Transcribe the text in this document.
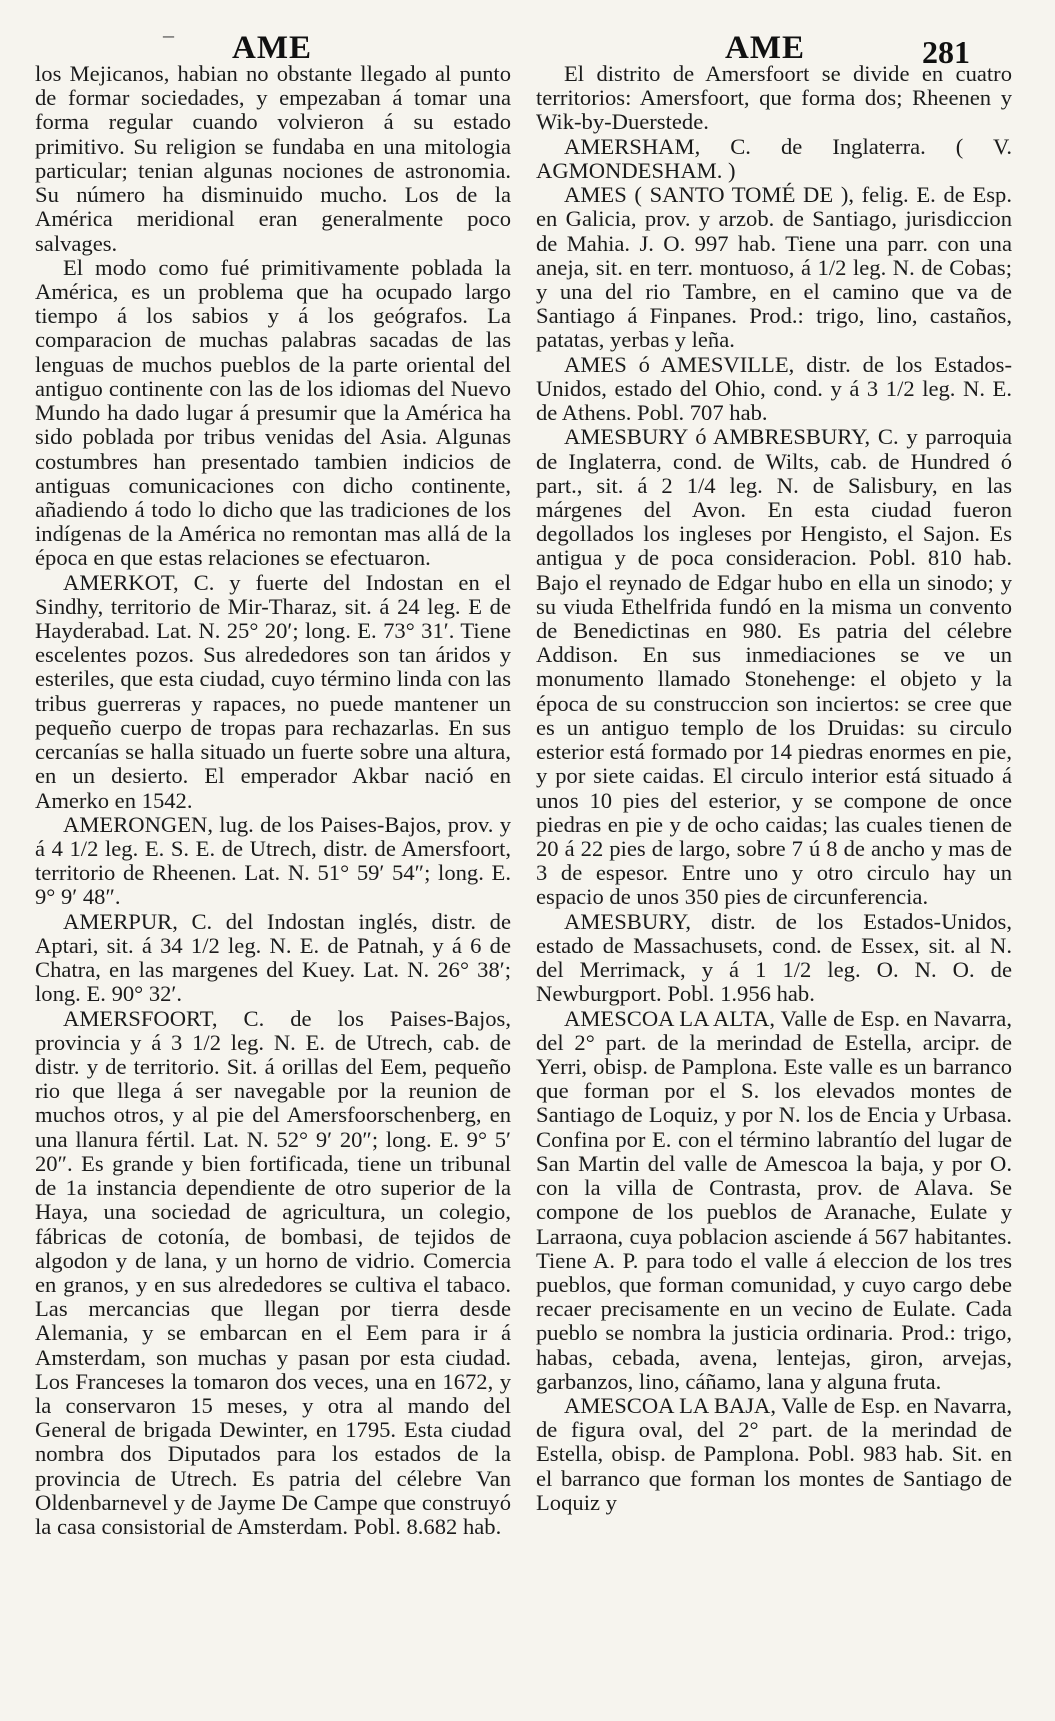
– AME	AME	281

los Mejicanos, habian no obstante llegado al punto de formar sociedades, y empezaban á tomar una forma regular cuando volvieron á su estado primitivo. Su religion se fundaba en una mitologia particular; tenian algunas nociones de astronomia. Su número ha disminuido mucho. Los de la América meridional eran generalmente poco salvages.

El modo como fué primitivamente poblada la América, es un problema que ha ocupado largo tiempo á los sabios y á los geógrafos. La comparacion de muchas palabras sacadas de las lenguas de muchos pueblos de la parte oriental del antiguo continente con las de los idiomas del Nuevo Mundo ha dado lugar á presumir que la América ha sido poblada por tribus venidas del Asia. Algunas costumbres han presentado tambien indicios de antiguas comunicaciones con dicho continente, añadiendo á todo lo dicho que las tradiciones de los indígenas de la América no remontan mas allá de la época en que estas relaciones se efectuaron.

AMERKOT, C. y fuerte del Indostan en el Sindhy, territorio de Mir-Tharaz, sit. á 24 leg. E de Hayderabad. Lat. N. 25° 20′; long. E. 73° 31′. Tiene escelentes pozos. Sus alrededores son tan áridos y esteriles, que esta ciudad, cuyo término linda con las tribus guerreras y rapaces, no puede mantener un pequeño cuerpo de tropas para rechazarlas. En sus cercanías se halla situado un fuerte sobre una altura, en un desierto. El emperador Akbar nació en Amerko en 1542.

AMERONGEN, lug. de los Paises-Bajos, prov. y á 4 1/2 leg. E. S. E. de Utrech, distr. de Amersfoort, territorio de Rheenen. Lat. N. 51° 59′ 54″; long. E. 9° 9′ 48″.

AMERPUR, C. del Indostan inglés, distr. de Aptari, sit. á 34 1/2 leg. N. E. de Patnah, y á 6 de Chatra, en las margenes del Kuey. Lat. N. 26° 38′; long. E. 90° 32′.

AMERSFOORT, C. de los Paises-Bajos, provincia y á 3 1/2 leg. N. E. de Utrech, cab. de distr. y de territorio. Sit. á orillas del Eem, pequeño rio que llega á ser navegable por la reunion de muchos otros, y al pie del Amersfoorschenberg, en una llanura fértil. Lat. N. 52° 9′ 20″; long. E. 9° 5′ 20″. Es grande y bien fortificada, tiene un tribunal de 1a instancia dependiente de otro superior de la Haya, una sociedad de agricultura, un colegio, fábricas de cotonía, de bombasi, de tejidos de algodon y de lana, y un horno de vidrio. Comercia en granos, y en sus alrededores se cultiva el tabaco. Las mercancias que llegan por tierra desde Alemania, y se embarcan en el Eem para ir á Amsterdam, son muchas y pasan por esta ciudad. Los Franceses la tomaron dos veces, una en 1672, y la conservaron 15 meses, y otra al mando del General de brigada Dewinter, en 1795. Esta ciudad nombra dos Diputados para los estados de la provincia de Utrech. Es patria del célebre Van Oldenbarnevel y de Jayme De Campe que construyó la casa consistorial de Amsterdam. Pobl. 8.682 hab.

El distrito de Amersfoort se divide en cuatro territorios: Amersfoort, que forma dos; Rheenen y Wik-by-Duerstede.

AMERSHAM, C. de Inglaterra. ( V. AGMONDESHAM. )

AMES ( SANTO TOMÉ DE ), felig. E. de Esp. en Galicia, prov. y arzob. de Santiago, jurisdiccion de Mahia. J. O. 997 hab. Tiene una parr. con una aneja, sit. en terr. montuoso, á 1/2 leg. N. de Cobas; y una del rio Tambre, en el camino que va de Santiago á Finpanes. Prod.: trigo, lino, castaños, patatas, yerbas y leña.

AMES ó AMESVILLE, distr. de los Estados-Unidos, estado del Ohio, cond. y á 3 1/2 leg. N. E. de Athens. Pobl. 707 hab.

AMESBURY ó AMBRESBURY, C. y parroquia de Inglaterra, cond. de Wilts, cab. de Hundred ó part., sit. á 2 1/4 leg. N. de Salisbury, en las márgenes del Avon. En esta ciudad fueron degollados los ingleses por Hengisto, el Sajon. Es antigua y de poca consideracion. Pobl. 810 hab. Bajo el reynado de Edgar hubo en ella un sinodo; y su viuda Ethelfrida fundó en la misma un convento de Benedictinas en 980. Es patria del célebre Addison. En sus inmediaciones se ve un monumento llamado Stonehenge: el objeto y la época de su construccion son inciertos: se cree que es un antiguo templo de los Druidas: su circulo esterior está formado por 14 piedras enormes en pie, y por siete caidas. El circulo interior está situado á unos 10 pies del esterior, y se compone de once piedras en pie y de ocho caidas; las cuales tienen de 20 á 22 pies de largo, sobre 7 ú 8 de ancho y mas de 3 de espesor. Entre uno y otro circulo hay un espacio de unos 350 pies de circunferencia.

AMESBURY, distr. de los Estados-Unidos, estado de Massachusets, cond. de Essex, sit. al N. del Merrimack, y á 1 1/2 leg. O. N. O. de Newburgport. Pobl. 1.956 hab.

AMESCOA LA ALTA, Valle de Esp. en Navarra, del 2° part. de la merindad de Estella, arcipr. de Yerri, obisp. de Pamplona. Este valle es un barranco que forman por el S. los elevados montes de Santiago de Loquiz, y por N. los de Encia y Urbasa. Confina por E. con el término labrantío del lugar de San Martin del valle de Amescoa la baja, y por O. con la villa de Contrasta, prov. de Alava. Se compone de los pueblos de Aranache, Eulate y Larraona, cuya poblacion asciende á 567 habitantes. Tiene A. P. para todo el valle á eleccion de los tres pueblos, que forman comunidad, y cuyo cargo debe recaer precisamente en un vecino de Eulate. Cada pueblo se nombra la justicia ordinaria. Prod.: trigo, habas, cebada, avena, lentejas, giron, arvejas, garbanzos, lino, cáñamo, lana y alguna fruta.

AMESCOA LA BAJA, Valle de Esp. en Navarra, de figura oval, del 2° part. de la merindad de Estella, obisp. de Pamplona. Pobl. 983 hab. Sit. en el barranco que forman los montes de Santiago de Loquiz y
